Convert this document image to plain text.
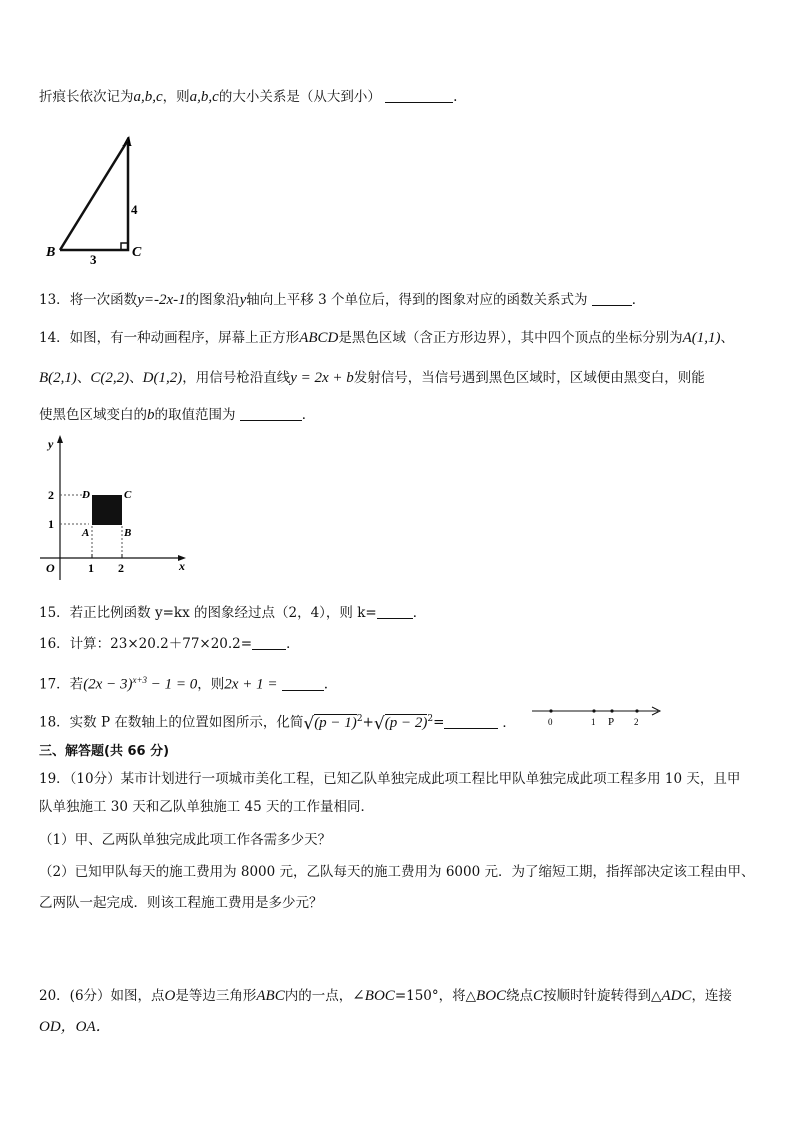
折痕长依次记为a,b,c，则a,b,c的大小关系是（从大到小）	.
A
B	C
4
3
13．将一次函数y=-2x-1的图象沿y轴向上平移 3 个单位后，得到的图象对应的函数关系式为	．
14．如图，有一种动画程序，屏幕上正方形ABCD是黑色区域（含正方形边界），其中四个顶点的坐标分别为A(1,1)、
B(2,1)、C(2,2)、D(1,2)，用信号枪沿直线y = 2x + b发射信号，当信号遇到黑色区域时，区域便由黑变白，则能
使黑色区域变白的b的取值范围为	．
y
x
O	1 2
1
2
A	B
C
D
15．若正比例函数 y=kx 的图象经过点（2，4），则 k=	．
16．计算：23×20.2＋77×20.2=	．
17．若$(2x - 3)^{x+3} - 1 = 0$，则2x + 1 =	.
18．实数 P 在数轴上的位置如图所示，化简$√(p - 1)^2+√(p - 2)^2=$	．	0	1 P 2
三、解答题(共 66 分)
19．（10分）某市计划进行一项城市美化工程，已知乙队单独完成此项工程比甲队单独完成此项工程多用 10 天，且甲
队单独施工 30 天和乙队单独施工 45 天的工作量相同．
（1）甲、乙两队单独完成此项工作各需多少天？
（2）已知甲队每天的施工费用为 8000 元，乙队每天的施工费用为 6000 元．为了缩短工期，指挥部决定该工程由甲、
乙两队一起完成．则该工程施工费用是多少元？
20．(6分）如图，点O是等边三角形ABC内的一点，∠BOC=150°，将△BOC绕点C按顺时针旋转得到△ADC，连接
OD，OA．
